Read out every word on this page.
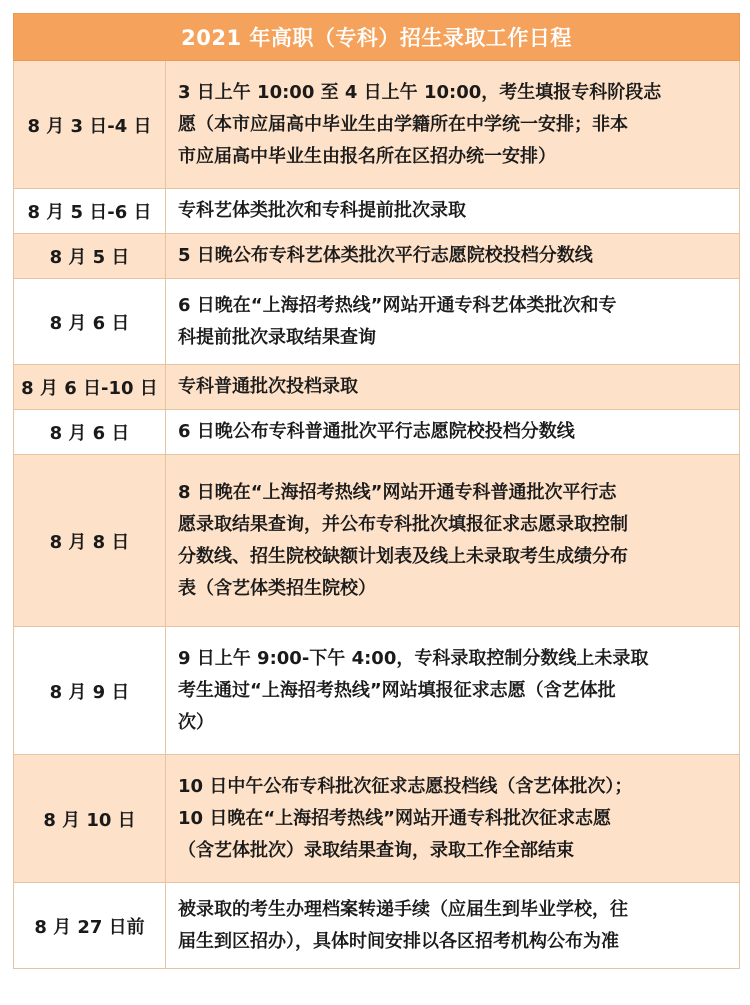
2021 年高职（专科）招生录取工作日程	
8 月 3 日-4 日	3 日上午 10:00 至 4 日上午 10:00，考生填报专科阶段志
愿（本市应届高中毕业生由学籍所在中学统一安排；非本
市应届高中毕业生由报名所在区招办统一安排）

8 月 5 日-6 日	专科艺体类批次和专科提前批次录取

8 月 5 日	5 日晚公布专科艺体类批次平行志愿院校投档分数线

8 月 6 日	6 日晚在“上海招考热线”网站开通专科艺体类批次和专
科提前批次录取结果查询

8 月 6 日-10 日	专科普通批次投档录取

8 月 6 日	6 日晚公布专科普通批次平行志愿院校投档分数线

8 月 8 日	8 日晚在“上海招考热线”网站开通专科普通批次平行志
愿录取结果查询，并公布专科批次填报征求志愿录取控制
分数线、招生院校缺额计划表及线上未录取考生成绩分布
表（含艺体类招生院校）

8 月 9 日	9 日上午 9:00-下午 4:00，专科录取控制分数线上未录取
考生通过“上海招考热线”网站填报征求志愿（含艺体批
次）

8 月 10 日	10 日中午公布专科批次征求志愿投档线（含艺体批次）；
10 日晚在“上海招考热线”网站开通专科批次征求志愿
（含艺体批次）录取结果查询，录取工作全部结束

8 月 27 日前	被录取的考生办理档案转递手续（应届生到毕业学校，往
届生到区招办），具体时间安排以各区招考机构公布为准
